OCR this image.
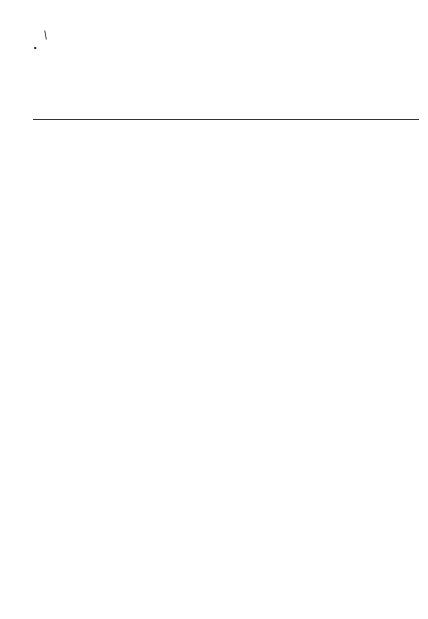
/
•
